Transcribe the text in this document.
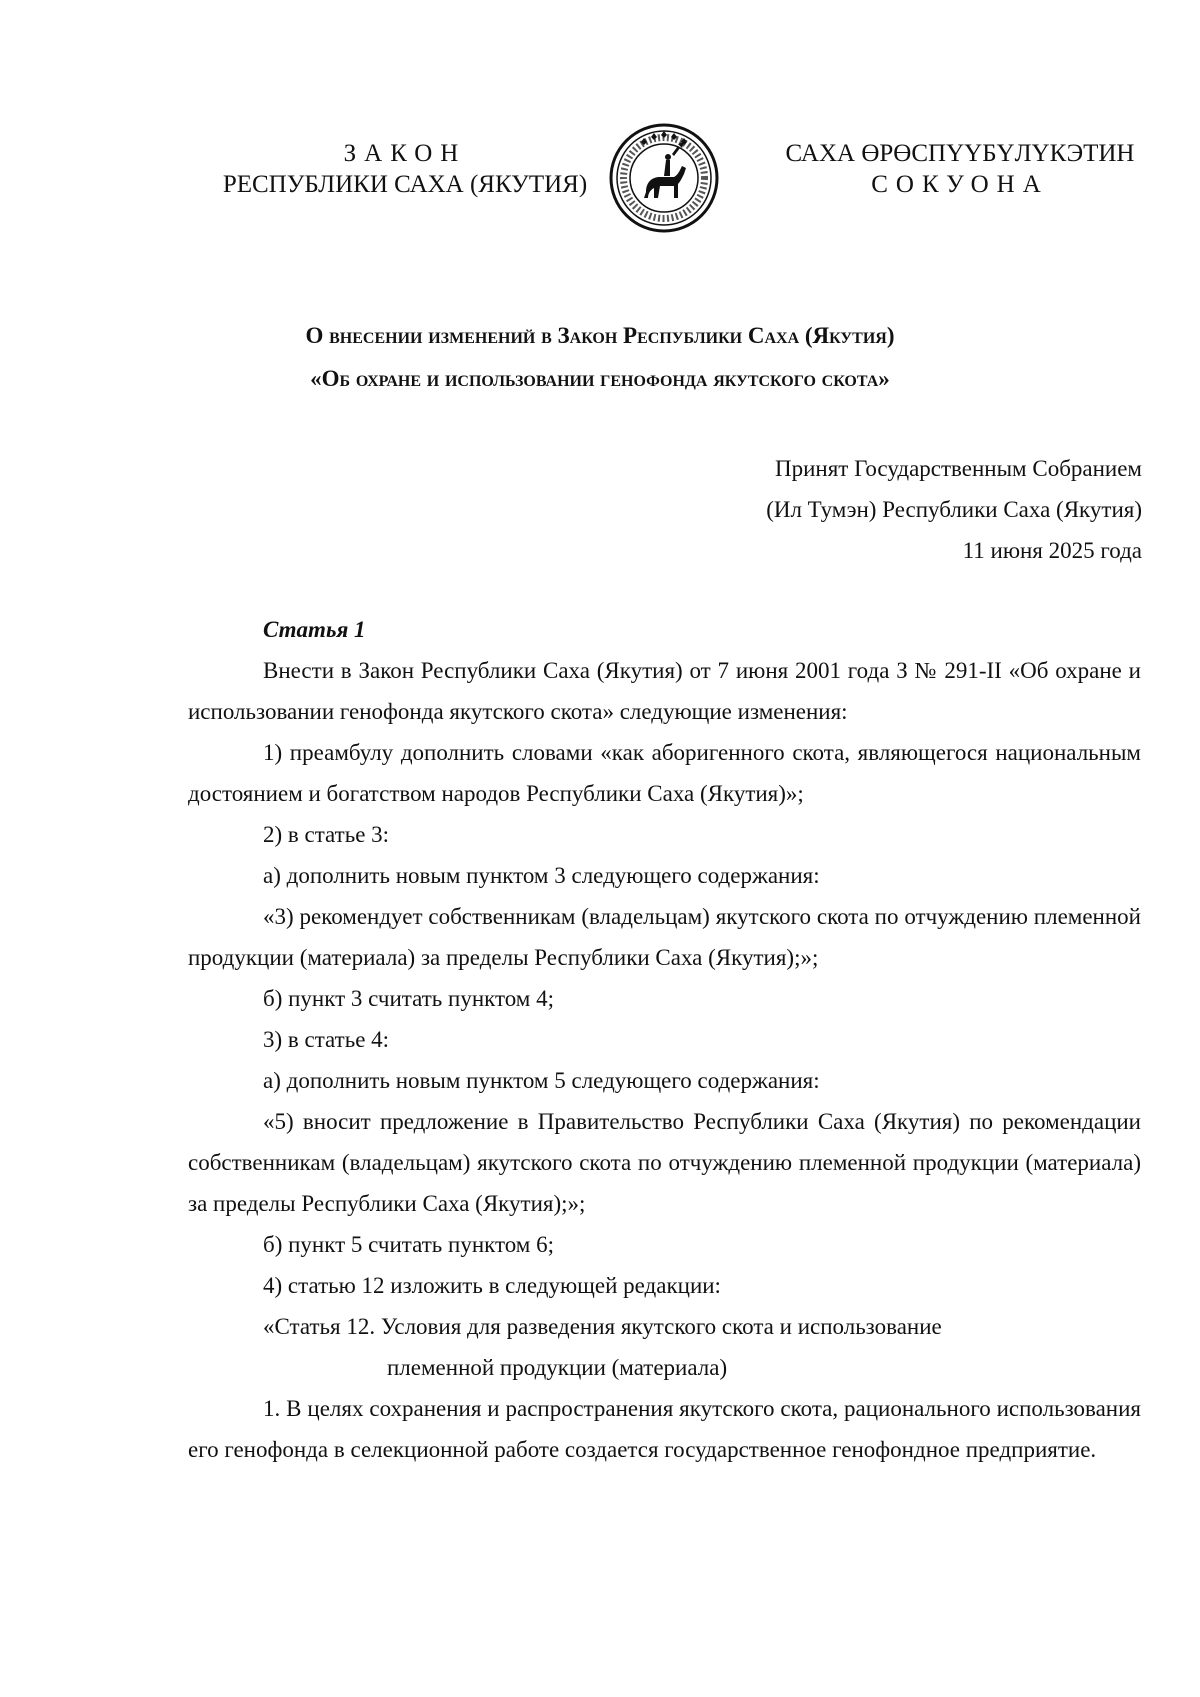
ЗАКОН
РЕСПУБЛИКИ САХА (ЯКУТИЯ)
САХА ӨРӨСПҮҮБҮЛҮКЭТИН
СОКУОНА
О внесении изменений в Закон Республики Саха (Якутия)
«Об охране и использовании генофонда якутского скота»
Принят Государственным Собранием
(Ил Тумэн) Республики Саха (Якутия)
11 июня 2025 года

Статья 1

Внести в Закон Республики Саха (Якутия) от 7 июня 2001 года З № 291-II «Об охране и использовании генофонда якутского скота» следующие изменения:

1) преамбулу дополнить словами «как аборигенного скота, являющегося национальным достоянием и богатством народов Республики Саха (Якутия)»;

2) в статье 3:

а) дополнить новым пунктом 3 следующего содержания:

«3) рекомендует собственникам (владельцам) якутского скота по отчуждению племенной продукции (материала) за пределы Республики Саха (Якутия);»;

б) пункт 3 считать пунктом 4;

3) в статье 4:

а) дополнить новым пунктом 5 следующего содержания:

«5) вносит предложение в Правительство Республики Саха (Якутия) по рекомендации собственникам (владельцам) якутского скота по отчуждению племенной продукции (материала) за пределы Республики Саха (Якутия);»;

б) пункт 5 считать пунктом 6;

4) статью 12 изложить в следующей редакции:

«Статья 12. Условия для разведения якутского скота и использование

племенной продукции (материала)

1. В целях сохранения и распространения якутского скота, рационального использования его генофонда в селекционной работе создается государственное генофондное предприятие.
